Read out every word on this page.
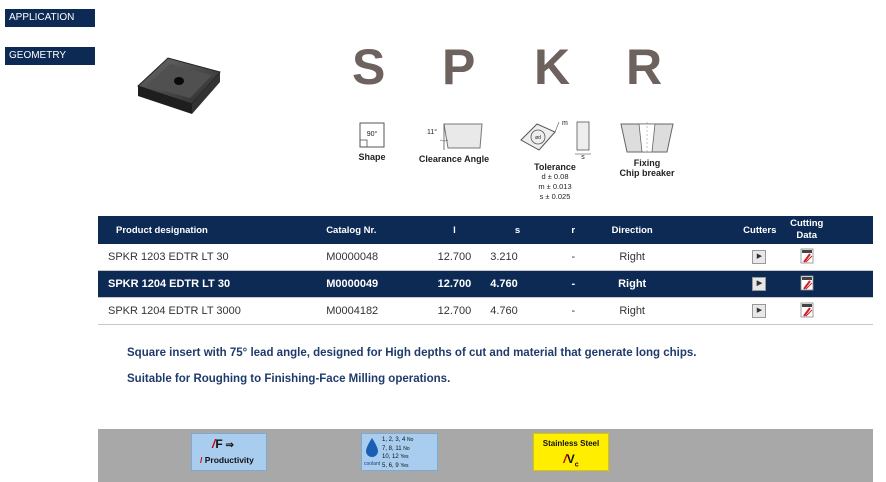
APPLICATION
GEOMETRY	S P K R
90°
Shape
11°
Clearance Angle
ød
m
s
Tolerance
d ± 0.08
m ± 0.013
s ± 0.025
Fixing
Chip breaker
Product designation	Catalog Nr.	l	s	r	Direction	Cutters	Cutting
Data	
SPKR 1203 EDTR LT 30	M0000048	12.700	3.210	-	Right	▶		
SPKR 1204 EDTR LT 30	M0000049	12.700	4.760	-	Right	▶		
SPKR 1204 EDTR LT 3000	M0004182	12.700	4.760	-	Right	▶		
Square insert with 75° lead angle, designed for High depths of cut and material that generate long chips.
Suitable for Roughing to Finishing-Face Milling operations.
/F ⇒
/ Productivity	coolant
1, 2, 3, 4 No
7, 8, 11 No
10, 12 Yes
5, 6, 9 Yes
Stainless Steel
$/V_c$
